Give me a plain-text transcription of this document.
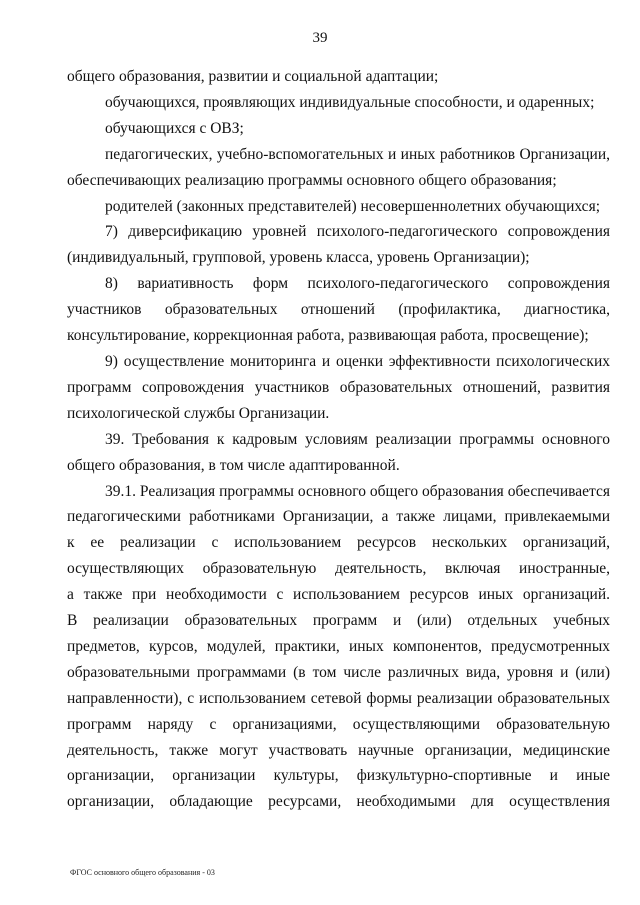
39

общего образования, развитии и социальной адаптации;

обучающихся, проявляющих индивидуальные способности, и одаренных;

обучающихся с ОВЗ;

педагогических, учебно-вспомогательных и иных работников Организации, обеспечивающих реализацию программы основного общего образования;

родителей (законных представителей) несовершеннолетних обучающихся;

7) диверсификацию уровней психолого-педагогического сопровождения (индивидуальный, групповой, уровень класса, уровень Организации);

8) вариативность форм психолого-педагогического сопровождения участников образовательных отношений (профилактика, диагностика, консультирование, коррекционная работа, развивающая работа, просвещение);

9) осуществление мониторинга и оценки эффективности психологических программ сопровождения участников образовательных отношений, развития психологической службы Организации.

39. Требования к кадровым условиям реализации программы основного общего образования, в том числе адаптированной.

39.1. Реализация программы основного общего образования обеспечивается
педагогическими работниками Организации, а также лицами, привлекаемыми
к ее реализации с использованием ресурсов нескольких организаций,
осуществляющих образовательную деятельность, включая иностранные,
а также при необходимости с использованием ресурсов иных организаций.
В реализации образовательных программ и (или) отдельных учебных
предметов, курсов, модулей, практики, иных компонентов, предусмотренных
образовательными программами (в том числе различных вида, уровня и (или)
направленности), с использованием сетевой формы реализации образовательных
программ наряду с организациями, осуществляющими образовательную
деятельность, также могут участвовать научные организации, медицинские
организации, организации культуры, физкультурно-спортивные и иные
организации, обладающие ресурсами, необходимыми для осуществления
ФГОС основного общего образования - 03
